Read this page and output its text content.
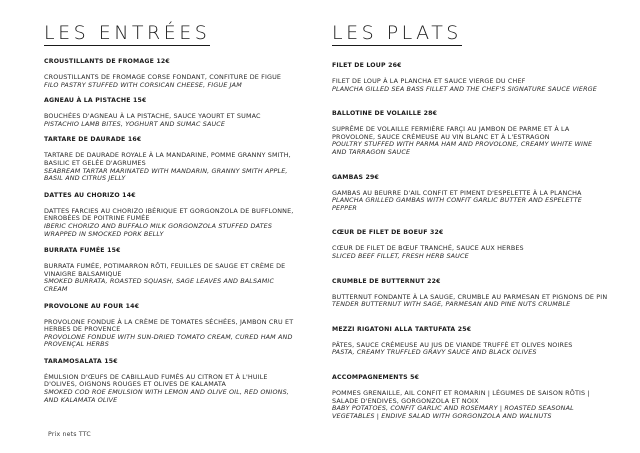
LES ENTRÉES

CROUSTILLANTS DE FROMAGE 12€

CROUSTILLANTS DE FROMAGE CORSE FONDANT, CONFITURE DE FIGUE

FILO PASTRY STUFFED WITH CORSICAN CHEESE, FIGUE JAM

AGNEAU À LA PISTACHE 15€

BOUCHÉES D'AGNEAU À LA PISTACHE, SAUCE YAOURT ET SUMAC

PISTACHIO LAMB BITES, YOGHURT AND SUMAC SAUCE

TARTARE DE DAURADE 16€

TARTARE DE DAURADE ROYALE À LA MANDARINE, POMME GRANNY SMITH, BASILIC ET GELÉE D'AGRUMES

SEABREAM TARTAR MARINATED WITH MANDARIN, GRANNY SMITH APPLE, BASIL AND CITRUS JELLY

DATTES AU CHORIZO 14€

DATTES FARCIES AU CHORIZO IBÉRIQUE ET GORGONZOLA DE BUFFLONNE, ENROBÉES DE POITRINE FUMÉE

IBERIC CHORIZO AND BUFFALO MILK GORGONZOLA STUFFED DATES WRAPPED IN SMOCKED PORK BELLY

BURRATA FUMÉE 15€

BURRATA FUMÉE, POTIMARRON RÔTI, FEUILLES DE SAUGE ET CRÈME DE VINAIGRE BALSAMIQUE

SMOKED BURRATA, ROASTED SQUASH, SAGE LEAVES AND BALSAMIC CREAM

PROVOLONE AU FOUR 14€

PROVOLONE FONDUE À LA CRÈME DE TOMATES SÉCHÉES, JAMBON CRU ET HERBES DE PROVENCE

PROVOLONE FONDUE WITH SUN-DRIED TOMATO CREAM, CURED HAM AND PROVENÇAL HERBS

TARAMOSALATA 15€

ÉMULSION D'ŒUFS DE CABILLAUD FUMÉS AU CITRON ET À L'HUILE D'OLIVES, OIGNONS ROUGES ET OLIVES DE KALAMATA

SMOKED COD ROE EMULSION WITH LEMON AND OLIVE OIL, RED ONIONS, AND KALAMATA OLIVE

Prix nets TTC
LES PLATS

FILET DE LOUP 26€

FILET DE LOUP À LA PLANCHA ET SAUCE VIERGE DU CHEF

PLANCHA GILLED SEA BASS FILLET AND THE CHEF'S SIGNATURE SAUCE VIERGE

BALLOTINE DE VOLAILLE 28€

SUPRÊME DE VOLAILLE FERMIÈRE FARÇI AU JAMBON DE PARME ET À LA PROVOLONE, SAUCE CRÉMEUSE AU VIN BLANC ET À L'ESTRAGON

POULTRY STUFFED WITH PARMA HAM AND PROVOLONE, CREAMY WHITE WINE AND TARRAGON SAUCE

GAMBAS 29€

GAMBAS AU BEURRE D'AIL CONFIT ET PIMENT D'ESPELETTE À LA PLANCHA

PLANCHA GRILLED GAMBAS WITH CONFIT GARLIC BUTTER AND ESPELETTE PEPPER

CŒUR DE FILET DE BOEUF 32€

CŒUR DE FILET DE BŒUF TRANCHÉ, SAUCE AUX HERBES

SLICED BEEF FILLET, FRESH HERB SAUCE

CRUMBLE DE BUTTERNUT 22€

BUTTERNUT FONDANTE À LA SAUGE, CRUMBLE AU PARMESAN ET PIGNONS DE PIN

TENDER BUTTERNUT WITH SAGE, PARMESAN AND PINE NUTS CRUMBLE

MEZZI RIGATONI ALLA TARTUFATA 25€

PÂTES, SAUCE CRÉMEUSE AU JUS DE VIANDE TRUFFÉ ET OLIVES NOIRES

PASTA, CREAMY TRUFFLED GRAVY SAUCE AND BLACK OLIVES

ACCOMPAGNEMENTS 5€

POMMES GRENAILLE, AIL CONFIT ET ROMARIN | LÉGUMES DE SAISON RÔTIS | SALADE D'ENDIVES, GORGONZOLA ET NOIX

BABY POTATOES, CONFIT GARLIC AND ROSEMARY | ROASTED SEASONAL VEGETABLES | ENDIVE SALAD WITH GORGONZOLA AND WALNUTS
